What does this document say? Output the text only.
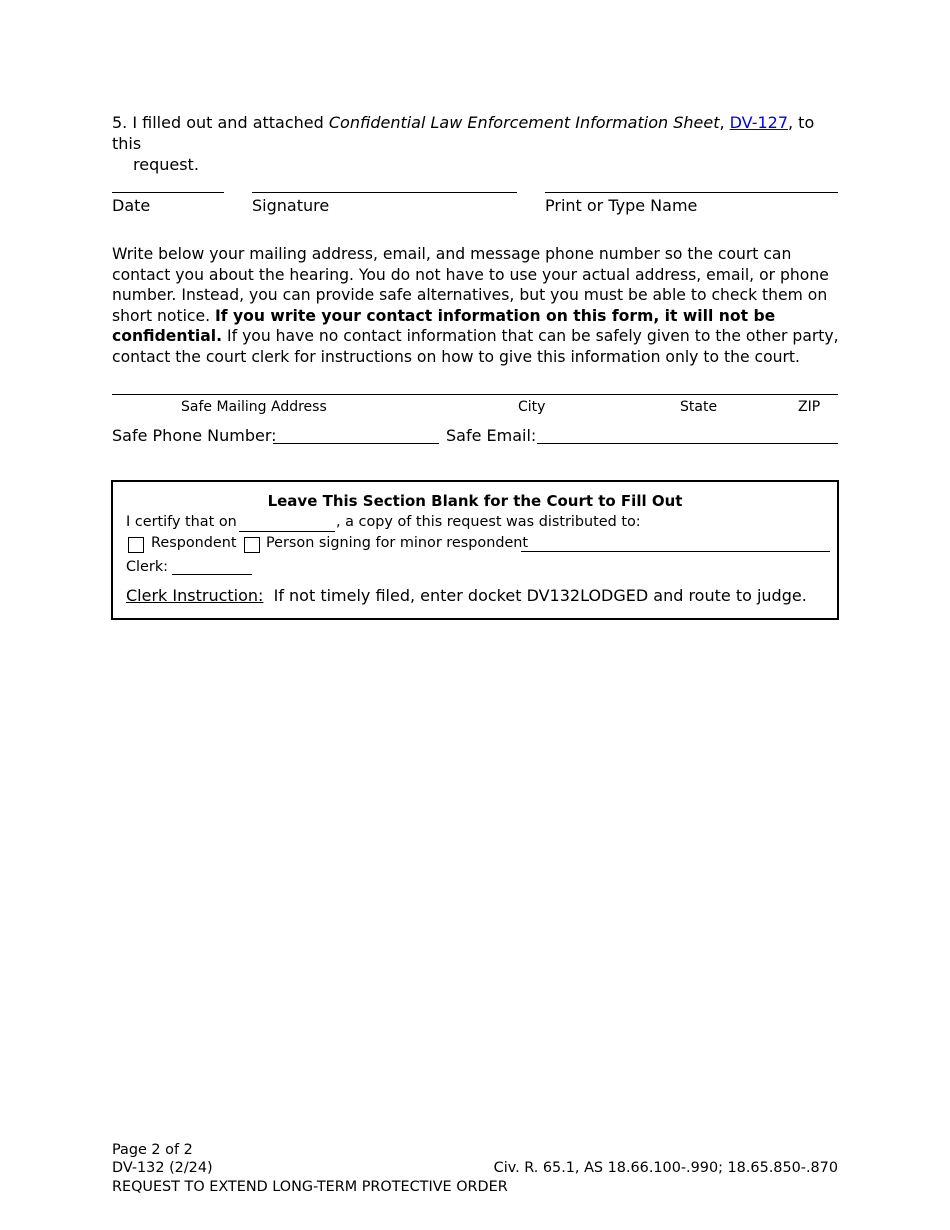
5. I filled out and attached Confidential Law Enforcement Information Sheet, DV-127, to this
request.
Date	Signature	Print or Type Name
Write below your mailing address, email, and message phone number so the court can contact you about the hearing. You do not have to use your actual address, email, or phone number. Instead, you can provide safe alternatives, but you must be able to check them on short notice. If you write your contact information on this form, it will not be confidential. If you have no contact information that can be safely given to the other party, contact the court clerk for instructions on how to give this information only to the court.
Safe Mailing Address	City	State	ZIP
Safe Phone Number:	Safe Email:
Leave This Section Blank for the Court to Fill Out
I certify that on	, a copy of this request was distributed to:
Respondent Person signing for minor respondent
Clerk:
Clerk Instruction: If not timely filed, enter docket DV132LODGED and route to judge.
Page 2 of 2
DV-132 (2/24)
REQUEST TO EXTEND LONG-TERM PROTECTIVE ORDER
Civ. R. 65.1, AS 18.66.100-.990; 18.65.850-.870
